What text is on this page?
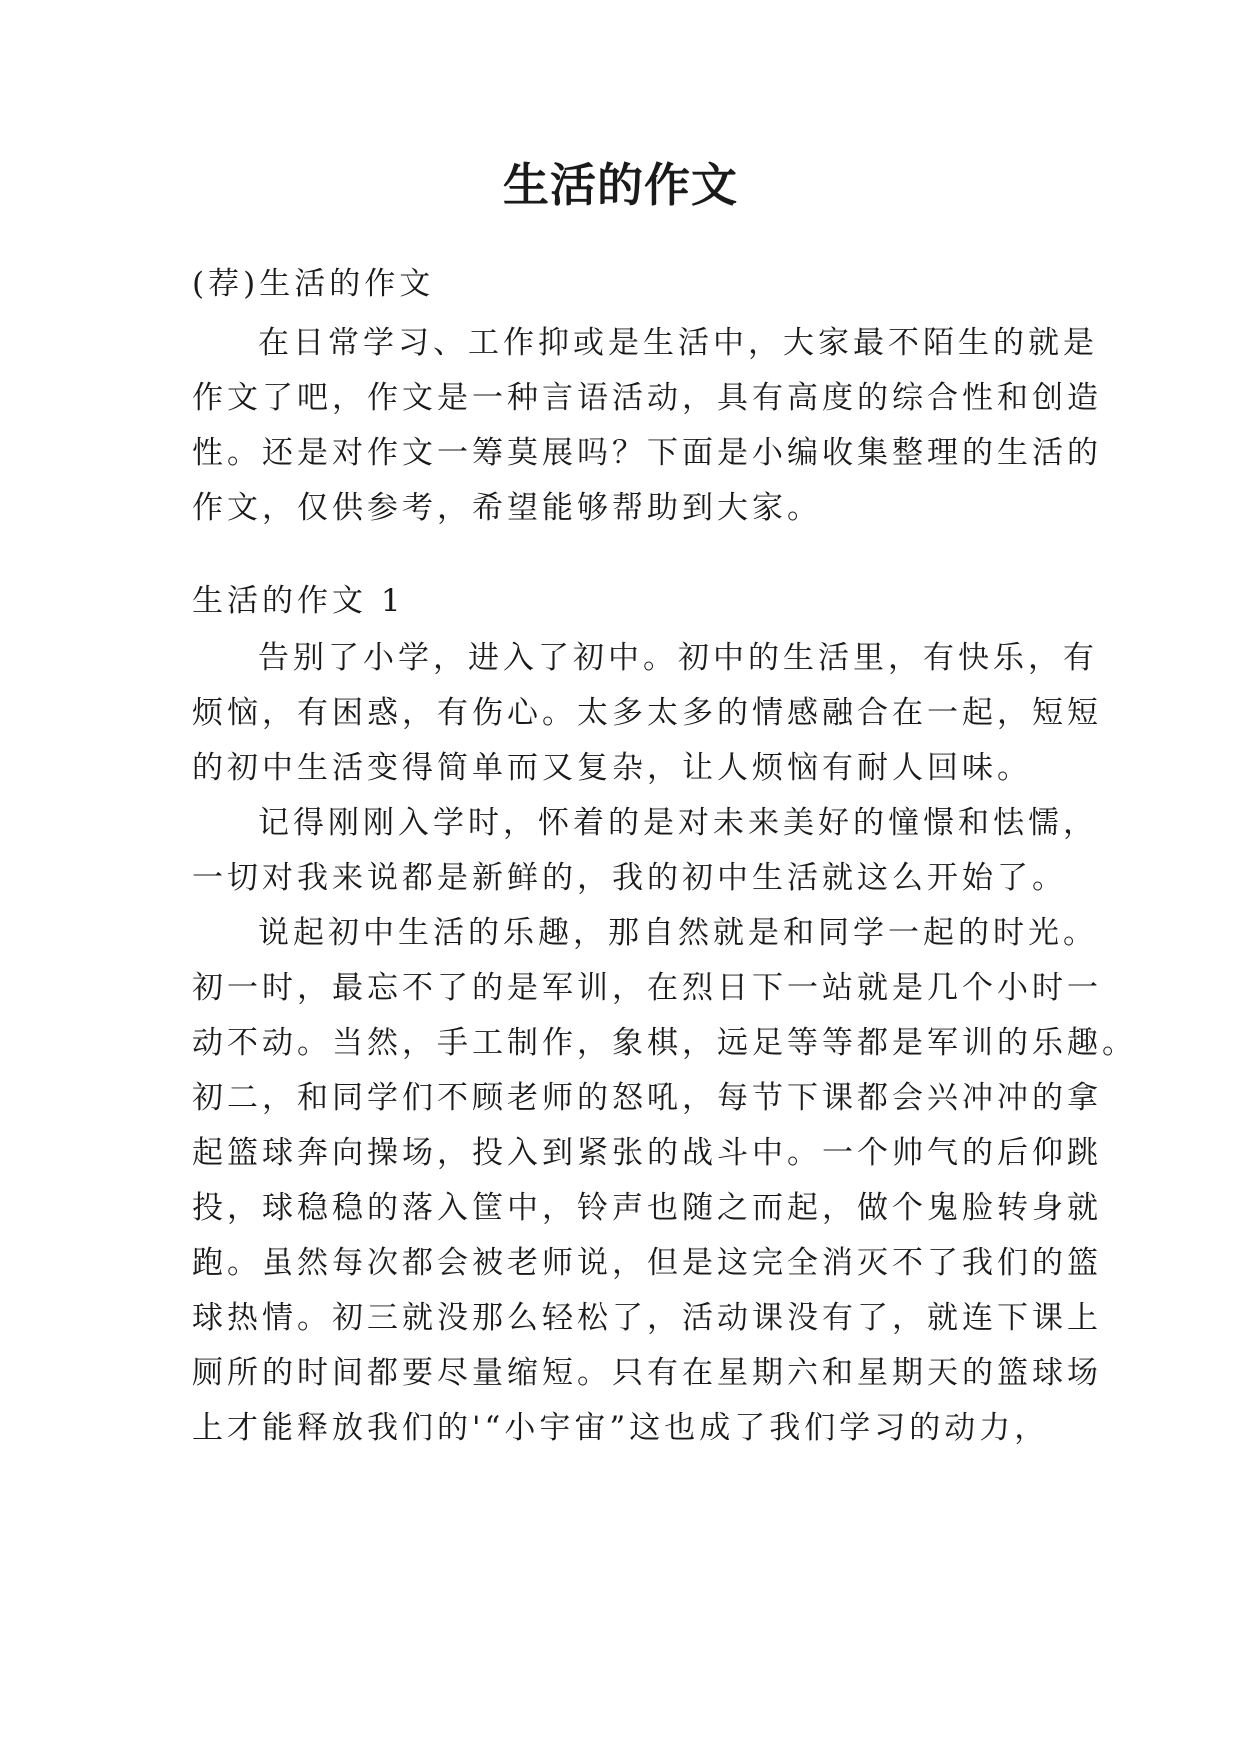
生活的作文
(荐)生活的作文
在日常学习、工作抑或是生活中，大家最不陌生的就是
作文了吧，作文是一种言语活动，具有高度的综合性和创造
性。还是对作文一筹莫展吗？下面是小编收集整理的生活的
作文，仅供参考，希望能够帮助到大家。
生活的作文 1
告别了小学，进入了初中。初中的生活里，有快乐，有
烦恼，有困惑，有伤心。太多太多的情感融合在一起，短短
的初中生活变得简单而又复杂，让人烦恼有耐人回味。
记得刚刚入学时，怀着的是对未来美好的憧憬和怯懦，
一切对我来说都是新鲜的，我的初中生活就这么开始了。
说起初中生活的乐趣，那自然就是和同学一起的时光。
初一时，最忘不了的是军训，在烈日下一站就是几个小时一
动不动。当然，手工制作，象棋，远足等等都是军训的乐趣。
初二，和同学们不顾老师的怒吼，每节下课都会兴冲冲的拿
起篮球奔向操场，投入到紧张的战斗中。一个帅气的后仰跳
投，球稳稳的落入筐中，铃声也随之而起，做个鬼脸转身就
跑。虽然每次都会被老师说，但是这完全消灭不了我们的篮
球热情。初三就没那么轻松了，活动课没有了，就连下课上
厕所的时间都要尽量缩短。只有在星期六和星期天的篮球场
上才能释放我们的'“小宇宙”这也成了我们学习的动力，
